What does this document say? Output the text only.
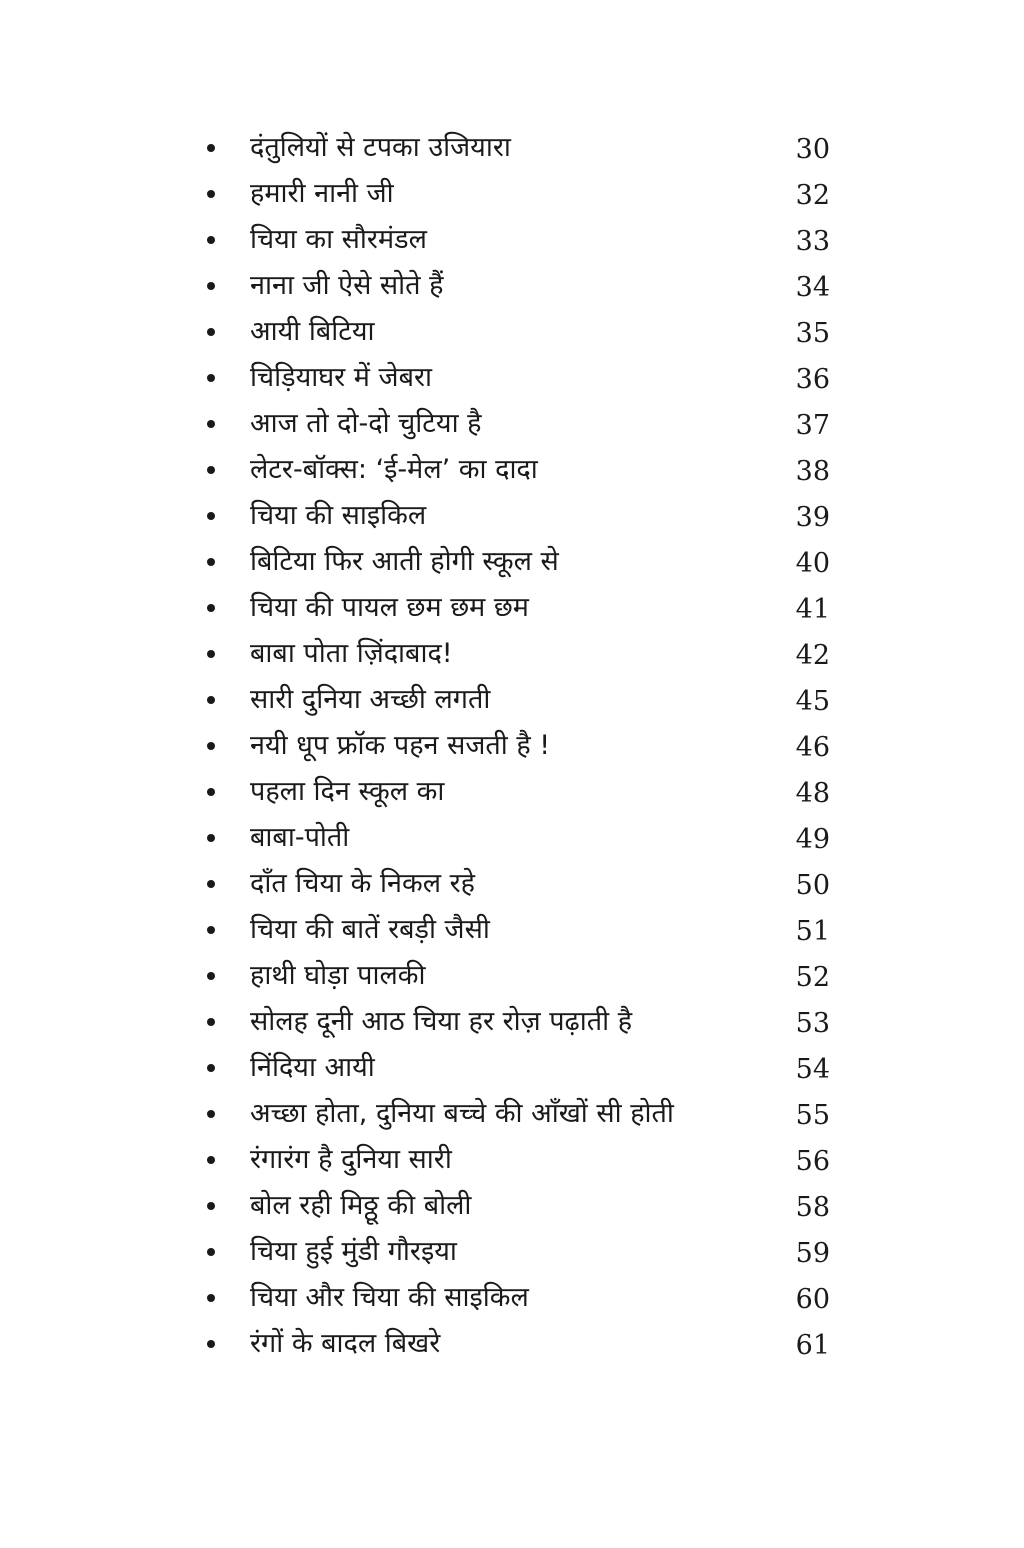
दंतुलियों से टपका उजियारा	30
हमारी नानी जी	32
चिया का सौरमंडल	33
नाना जी ऐसे सोते हैं	34
आयी बिटिया	35
चिड़ियाघर में जेबरा	36
आज तो दो-दो चुटिया है	37
लेटर-बॉक्स: ‘ई-मेल’ का दादा	38
चिया की साइकिल	39
बिटिया फिर आती होगी स्कूल से	40
चिया की पायल छम छम छम	41
बाबा पोता ज़िंदाबाद!	42
सारी दुनिया अच्छी लगती	45
नयी धूप फ्रॉक पहन सजती है !	46
पहला दिन स्कूल का	48
बाबा-पोती	49
दाँत चिया के निकल रहे	50
चिया की बातें रबड़ी जैसी	51
हाथी घोड़ा पालकी	52
सोलह दूनी आठ चिया हर रोज़ पढ़ाती है	53
निंदिया आयी	54
अच्छा होता, दुनिया बच्चे की आँखों सी होती	55
रंगारंग है दुनिया सारी	56
बोल रही मिठ्ठू की बोली	58
चिया हुई मुंडी गौरइया	59
चिया और चिया की साइकिल	60
रंगों के बादल बिखरे	61
